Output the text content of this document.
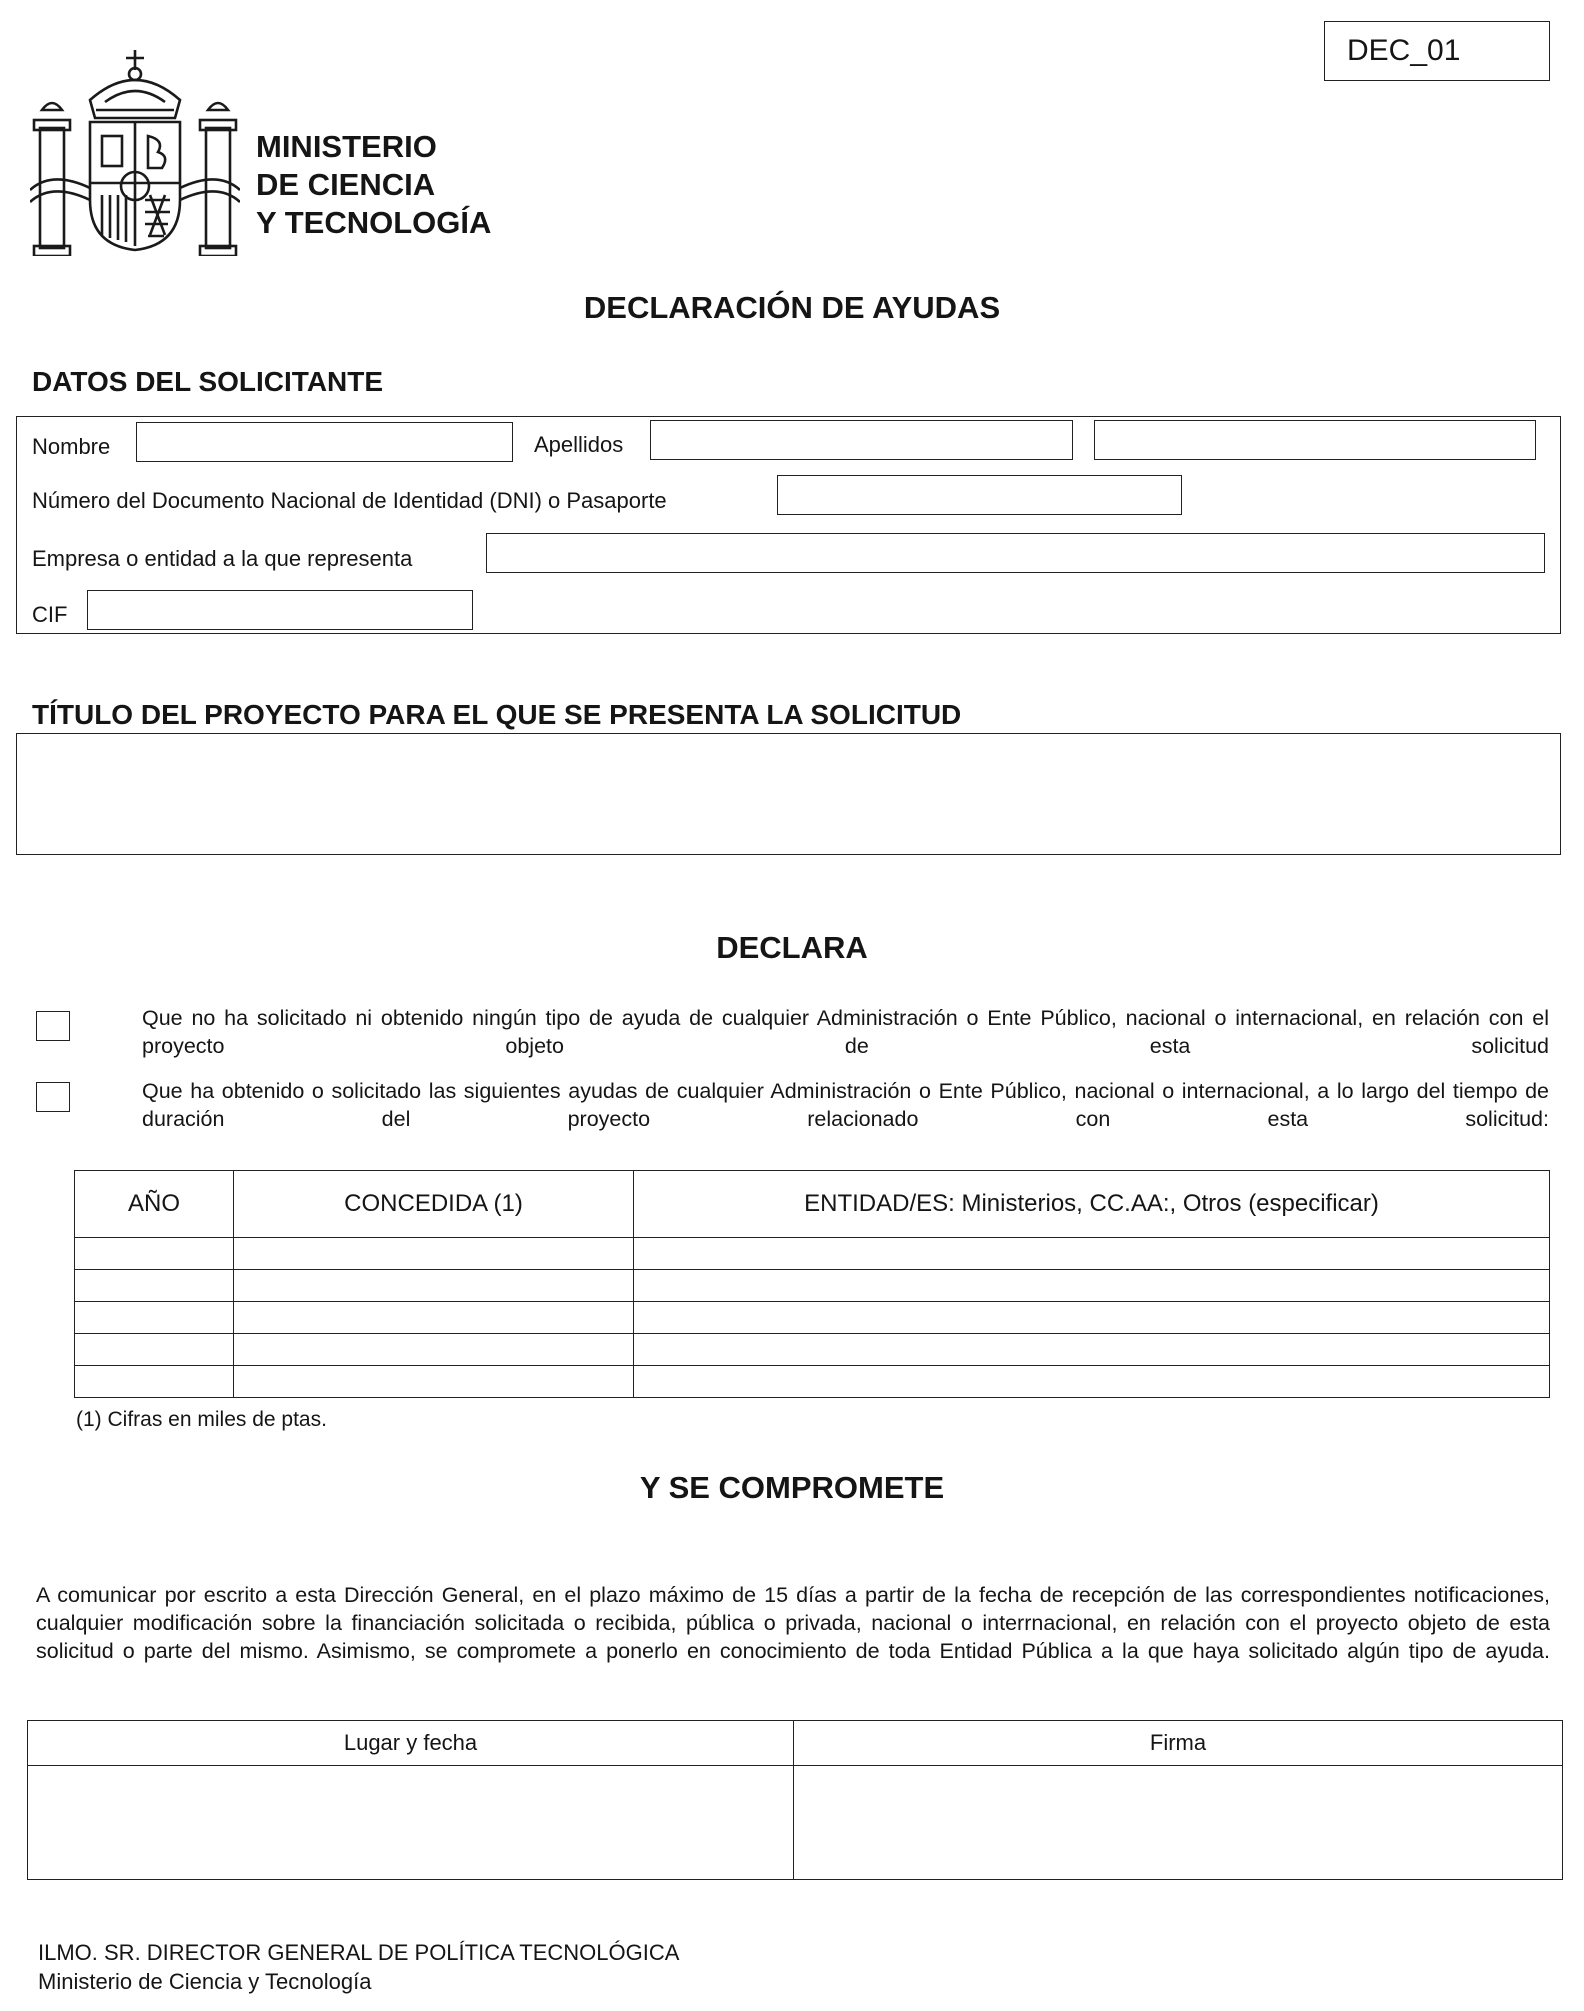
DEC_01
MINISTERIO
DE CIENCIA
Y TECNOLOGÍA
DECLARACIÓN DE AYUDAS
DATOS DEL SOLICITANTE
Nombre	Apellidos
Número del Documento Nacional de Identidad (DNI) o Pasaporte
Empresa o entidad a la que representa
CIF
TÍTULO DEL PROYECTO PARA EL QUE SE PRESENTA LA SOLICITUD
DECLARA
Que no ha solicitado ni obtenido ningún tipo de ayuda de cualquier Administración o Ente Público, nacional o internacional, en relación con el proyecto objeto de esta solicitud
Que ha obtenido o solicitado las siguientes ayudas de cualquier Administración o Ente Público, nacional o internacional, a lo largo del tiempo de duración del proyecto relacionado con esta solicitud:
AÑO	CONCEDIDA (1)	ENTIDAD/ES: Ministerios, CC.AA:, Otros (especificar)

(1) Cifras en miles de ptas.
Y SE COMPROMETE
A comunicar por escrito a esta Dirección General, en el plazo máximo de 15 días a partir de la fecha de recepción de las correspondientes notificaciones, cualquier modificación sobre la financiación solicitada o recibida, pública o privada, nacional o interrnacional, en relación con el proyecto objeto de esta solicitud o parte del mismo. Asimismo, se compromete a ponerlo en conocimiento de toda Entidad Pública a la que haya solicitado algún tipo de ayuda.
Lugar y fecha	Firma

ILMO. SR. DIRECTOR GENERAL DE POLÍTICA TECNOLÓGICA
Ministerio de Ciencia y Tecnología
